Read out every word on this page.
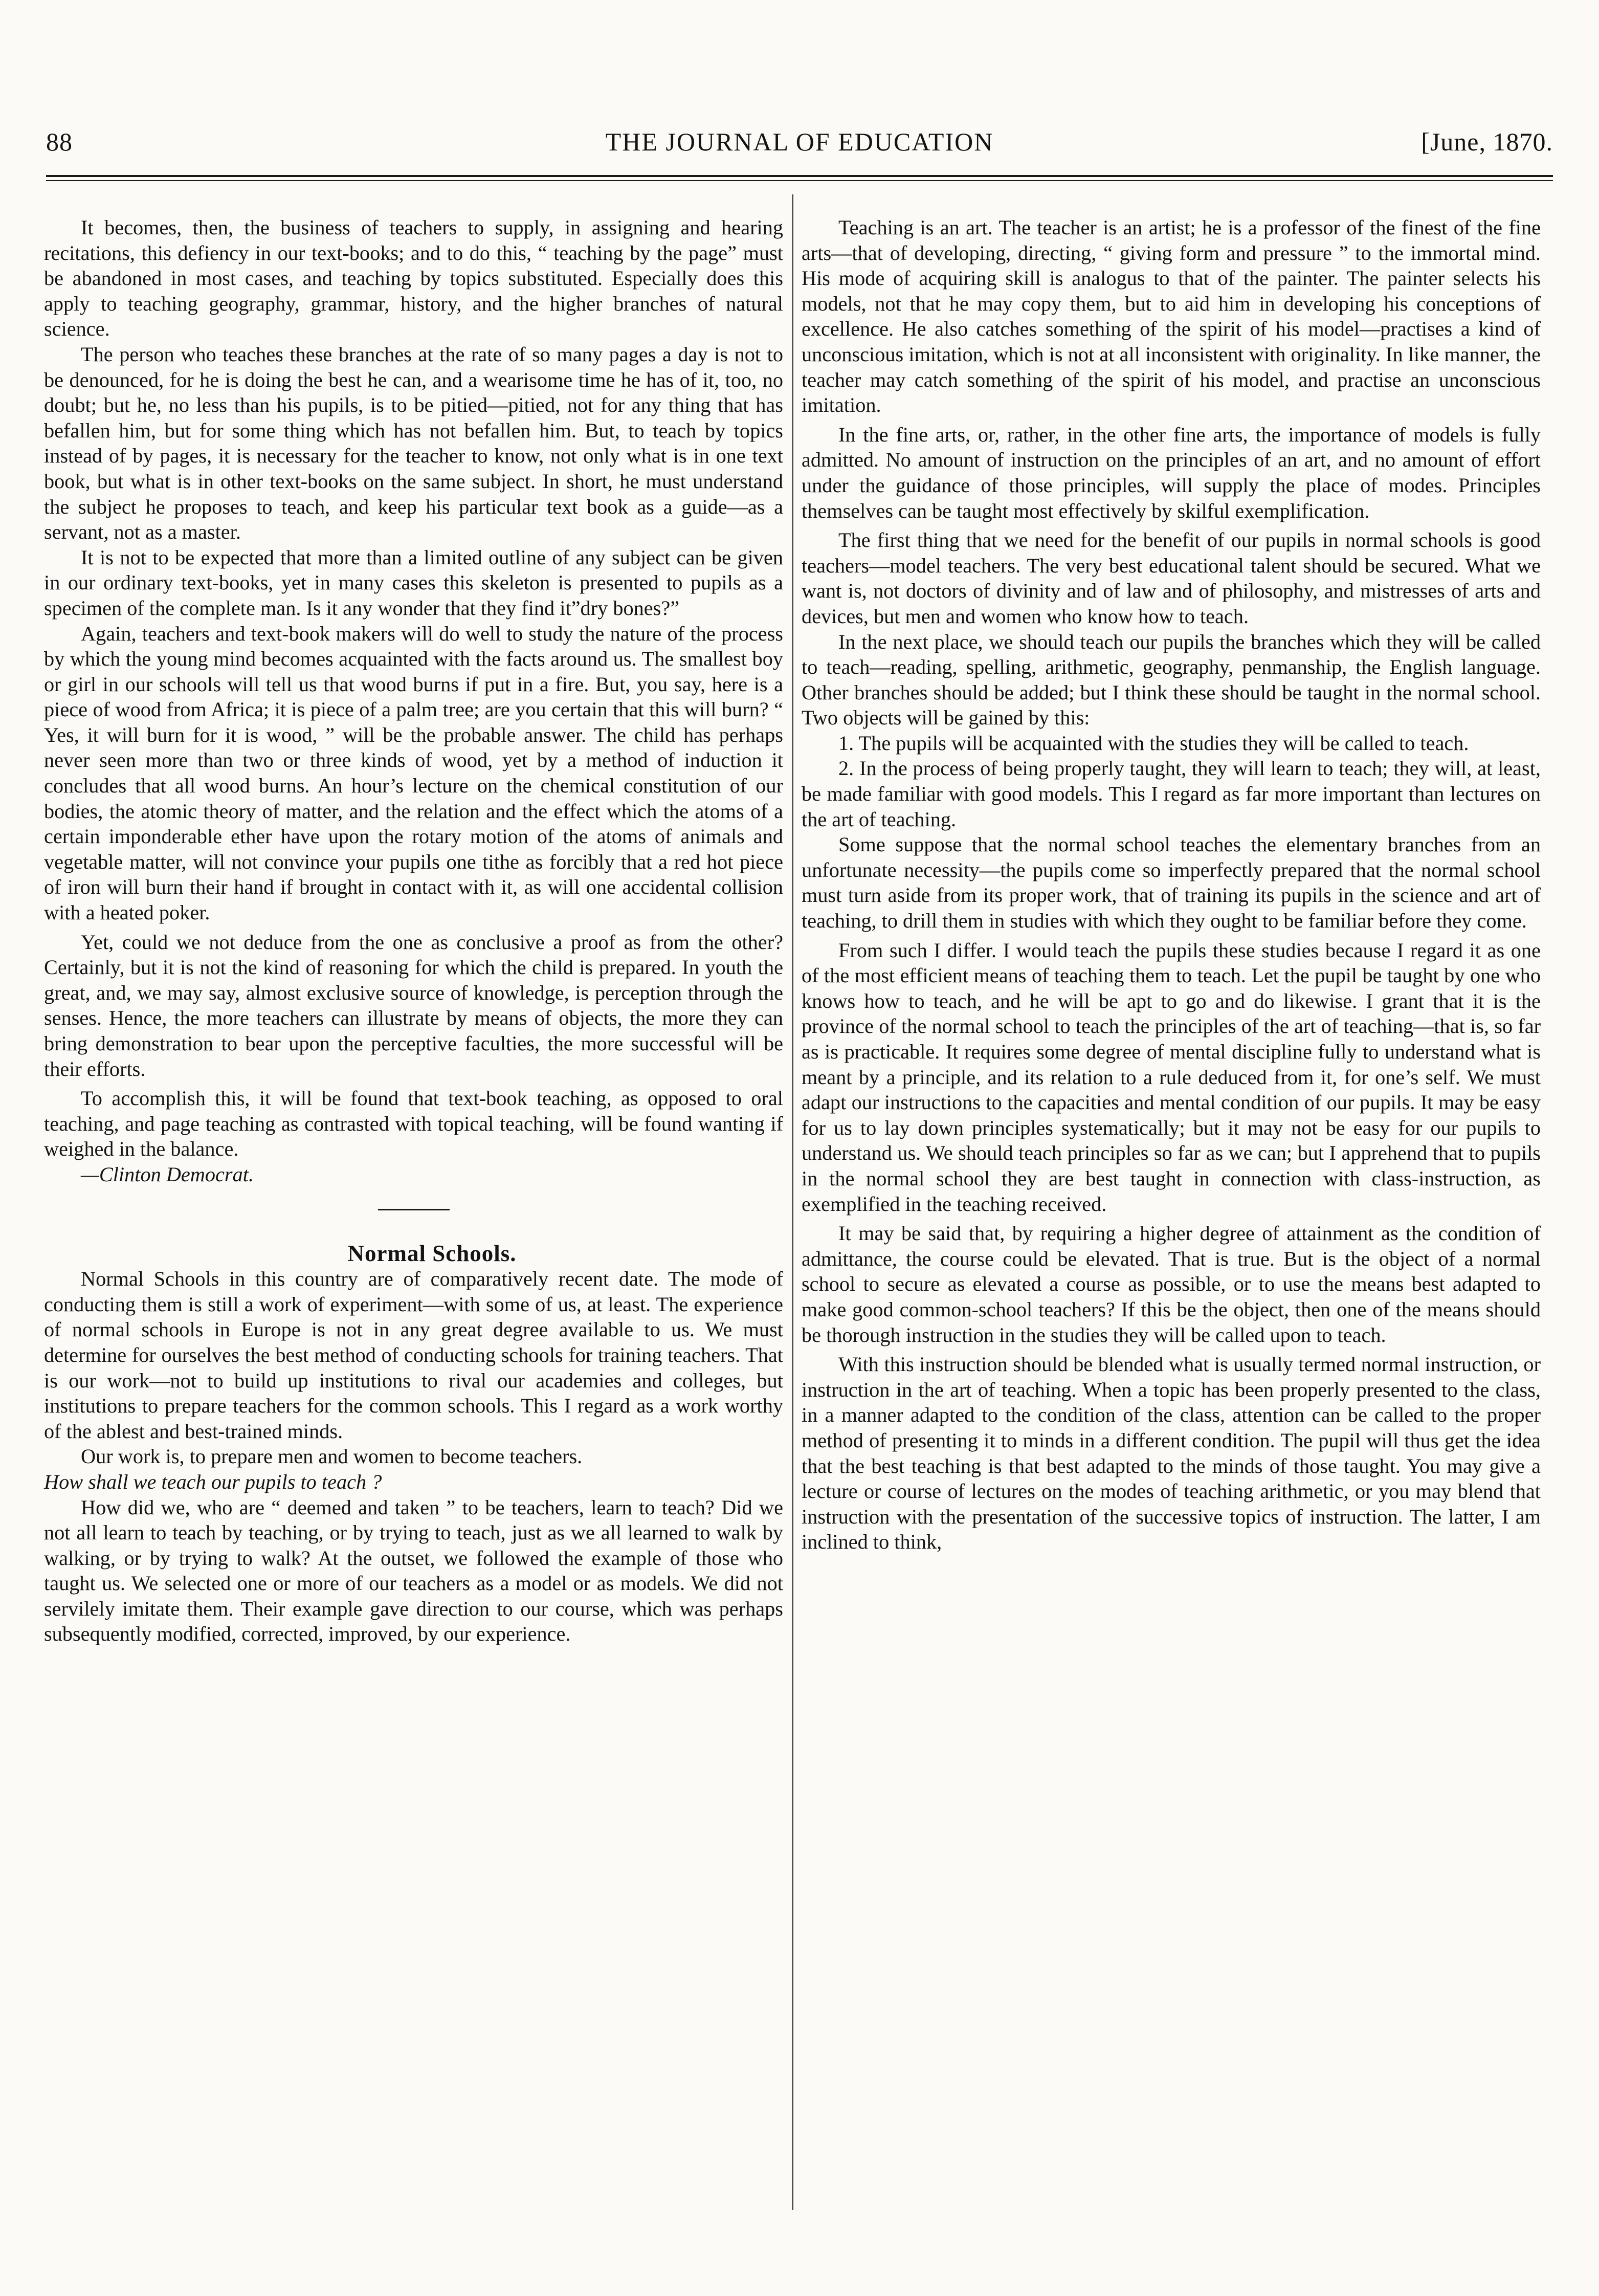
88	THE JOURNAL OF EDUCATION	[June, 1870.

It becomes, then, the business of teachers to supply, in assigning and hearing recitations, this defiency in our text-books; and to do this, “ teaching by the page” must be abandoned in most cases, and teaching by topics substituted. Especially does this apply to teaching geography, grammar, history, and the higher branches of natural science.

The person who teaches these branches at the rate of so many pages a day is not to be denounced, for he is doing the best he can, and a wearisome time he has of it, too, no doubt; but he, no less than his pupils, is to be pitied—pitied, not for any thing that has befallen him, but for some thing which has not befallen him. But, to teach by topics instead of by pages, it is necessary for the teacher to know, not only what is in one text book, but what is in other text-books on the same subject. In short, he must understand the subject he proposes to teach, and keep his particular text book as a guide—as a servant, not as a master.

It is not to be expected that more than a limited outline of any subject can be given in our ordinary text-books, yet in many cases this skeleton is presented to pupils as a specimen of the complete man. Is it any wonder that they find it”dry bones?”

Again, teachers and text-book makers will do well to study the nature of the process by which the young mind becomes acquainted with the facts around us. The smallest boy or girl in our schools will tell us that wood burns if put in a fire. But, you say, here is a piece of wood from Africa; it is piece of a palm tree; are you certain that this will burn? “ Yes, it will burn for it is wood, ” will be the probable answer. The child has perhaps never seen more than two or three kinds of wood, yet by a method of induction it concludes that all wood burns. An hour’s lecture on the chemical constitution of our bodies, the atomic theory of matter, and the relation and the effect which the atoms of a certain imponderable ether have upon the rotary motion of the atoms of animals and vegetable matter, will not convince your pupils one tithe as forcibly that a red hot piece of iron will burn their hand if brought in contact with it, as will one accidental collision with a heated poker.

Yet, could we not deduce from the one as conclusive a proof as from the other? Certainly, but it is not the kind of reasoning for which the child is prepared. In youth the great, and, we may say, almost exclusive source of knowledge, is perception through the senses. Hence, the more teachers can illustrate by means of objects, the more they can bring demonstration to bear upon the perceptive faculties, the more successful will be their efforts.

To accomplish this, it will be found that text-book teaching, as opposed to oral teaching, and page teaching as contrasted with topical teaching, will be found wanting if weighed in the balance.

—Clinton Democrat.

Normal Schools.

Normal Schools in this country are of comparatively recent date. The mode of conducting them is still a work of experiment—with some of us, at least. The experience of normal schools in Europe is not in any great degree available to us. We must determine for ourselves the best method of conducting schools for training teachers. That is our work—not to build up institutions to rival our academies and colleges, but institutions to prepare teachers for the common schools. This I regard as a work worthy of the ablest and best-trained minds.

Our work is, to prepare men and women to become teachers.

How shall we teach our pupils to teach ?

How did we, who are “ deemed and taken ” to be teachers, learn to teach? Did we not all learn to teach by teaching, or by trying to teach, just as we all learned to walk by walking, or by trying to walk? At the outset, we followed the example of those who taught us. We selected one or more of our teachers as a model or as models. We did not servilely imitate them. Their example gave direction to our course, which was perhaps subsequently modified, corrected, improved, by our experience.

Teaching is an art. The teacher is an artist; he is a professor of the finest of the fine arts—that of developing, directing, “ giving form and pressure ” to the immortal mind. His mode of acquiring skill is analogus to that of the painter. The painter selects his models, not that he may copy them, but to aid him in developing his conceptions of excellence. He also catches something of the spirit of his model—practises a kind of unconscious imitation, which is not at all inconsistent with originality. In like manner, the teacher may catch something of the spirit of his model, and practise an unconscious imitation.

In the fine arts, or, rather, in the other fine arts, the importance of models is fully admitted. No amount of instruction on the principles of an art, and no amount of effort under the guidance of those principles, will supply the place of modes. Principles themselves can be taught most effectively by skilful exemplification.

The first thing that we need for the benefit of our pupils in normal schools is good teachers—model teachers. The very best educational talent should be secured. What we want is, not doctors of divinity and of law and of philosophy, and mistresses of arts and devices, but men and women who know how to teach.

In the next place, we should teach our pupils the branches which they will be called to teach—reading, spelling, arithmetic, geography, penmanship, the English language. Other branches should be added; but I think these should be taught in the normal school. Two objects will be gained by this:

1. The pupils will be acquainted with the studies they will be called to teach.

2. In the process of being properly taught, they will learn to teach; they will, at least, be made familiar with good models. This I regard as far more important than lectures on the art of teaching.

Some suppose that the normal school teaches the elementary branches from an unfortunate necessity—the pupils come so imperfectly prepared that the normal school must turn aside from its proper work, that of training its pupils in the science and art of teaching, to drill them in studies with which they ought to be familiar before they come.

From such I differ. I would teach the pupils these studies because I regard it as one of the most efficient means of teaching them to teach. Let the pupil be taught by one who knows how to teach, and he will be apt to go and do likewise. I grant that it is the province of the normal school to teach the principles of the art of teaching—that is, so far as is practicable. It requires some degree of mental discipline fully to understand what is meant by a principle, and its relation to a rule deduced from it, for one’s self. We must adapt our instructions to the capacities and mental condition of our pupils. It may be easy for us to lay down principles systematically; but it may not be easy for our pupils to understand us. We should teach principles so far as we can; but I apprehend that to pupils in the normal school they are best taught in connection with class-instruction, as exemplified in the teaching received.

It may be said that, by requiring a higher degree of attainment as the condition of admittance, the course could be elevated. That is true. But is the object of a normal school to secure as elevated a course as possible, or to use the means best adapted to make good common-school teachers? If this be the object, then one of the means should be thorough instruction in the studies they will be called upon to teach.

With this instruction should be blended what is usually termed normal instruction, or instruction in the art of teaching. When a topic has been properly presented to the class, in a manner adapted to the condition of the class, attention can be called to the proper method of presenting it to minds in a different condition. The pupil will thus get the idea that the best teaching is that best adapted to the minds of those taught. You may give a lecture or course of lectures on the modes of teaching arithmetic, or you may blend that instruction with the presentation of the successive topics of instruction. The latter, I am inclined to think,
